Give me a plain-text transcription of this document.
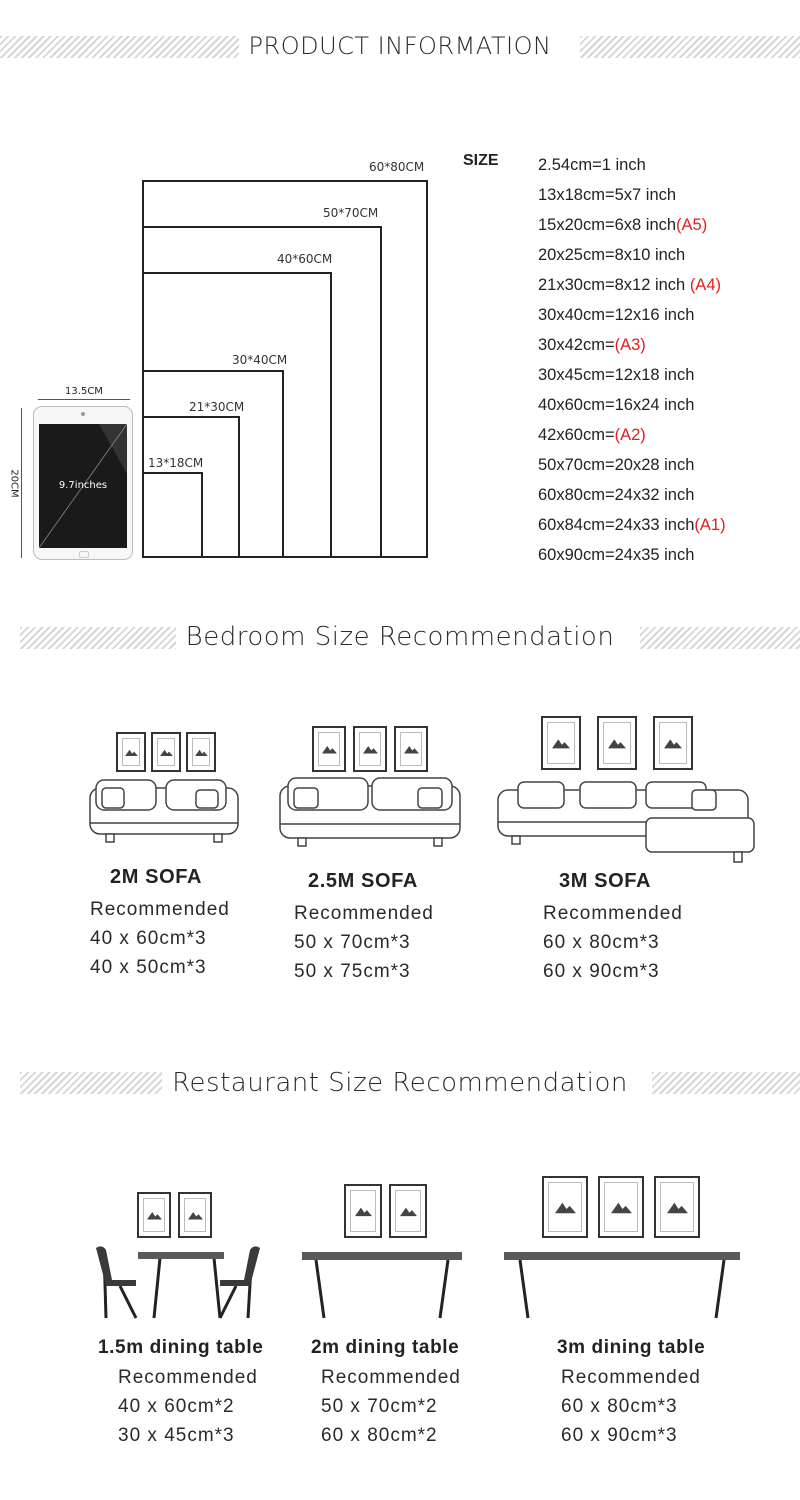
PRODUCT INFORMATION
60*80CM
50*70CM
40*60CM
30*40CM
21*30CM
13*18CM
13.5CM
20CM	9.7inches
SIZE 2.54cm=1 inch
13x18cm=5x7 inch
15x20cm=6x8 inch(A5)
20x25cm=8x10 inch
21x30cm=8x12 inch (A4)
30x40cm=12x16 inch
30x42cm=(A3)
30x45cm=12x18 inch
40x60cm=16x24 inch
42x60cm=(A2)
50x70cm=20x28 inch
60x80cm=24x32 inch
60x84cm=24x33 inch(A1)
60x90cm=24x35 inch
Bedroom Size Recommendation
2M SOFA
Recommended
40 x 60cm*3
40 x 50cm*3
2.5M SOFA
Recommended
50 x 70cm*3
50 x 75cm*3
3M SOFA
Recommended
60 x 80cm*3
60 x 90cm*3
Restaurant Size Recommendation
1.5m dining table
Recommended
40 x 60cm*2
30 x 45cm*3
2m dining table
Recommended
50 x 70cm*2
60 x 80cm*2
3m dining table
Recommended
60 x 80cm*3
60 x 90cm*3
